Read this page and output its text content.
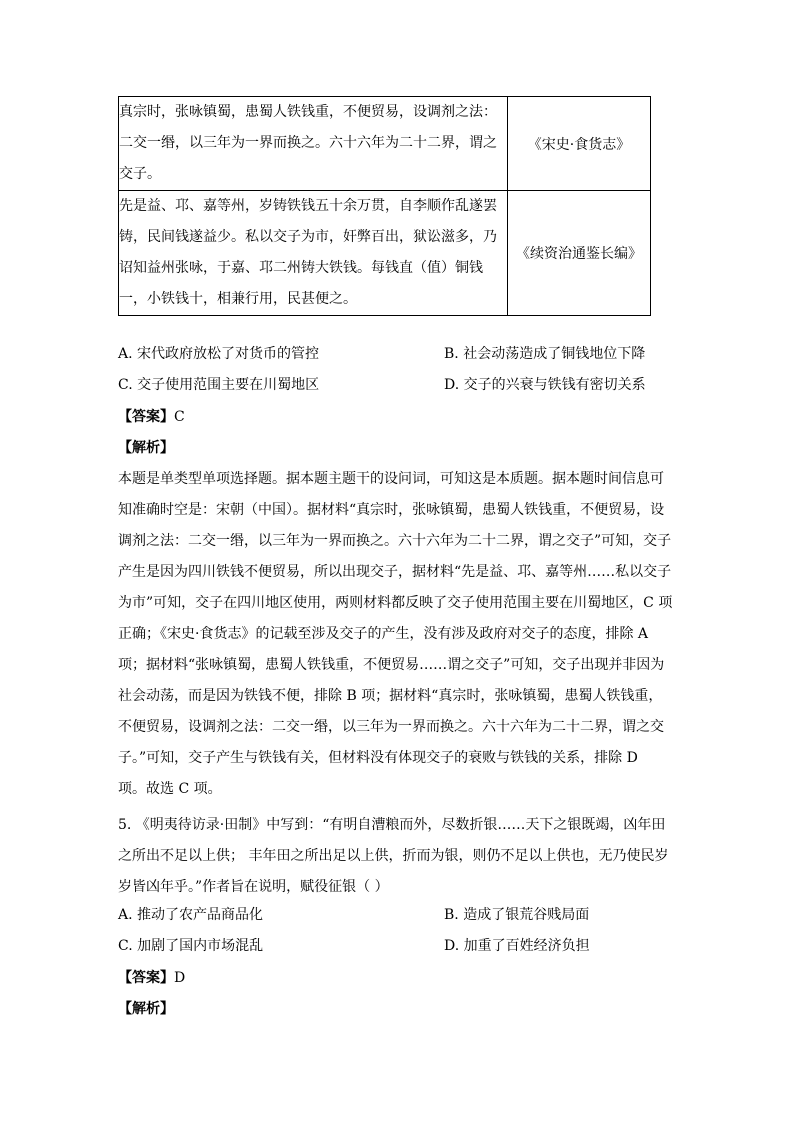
真宗时，张咏镇蜀，患蜀人铁钱重，不便贸易，设调剂之法：二交一缗，以三年为一界而换之。六十六年为二十二界，谓之交子。	《宋史·食货志》
先是益、邛、嘉等州，岁铸铁钱五十余万贯，自李顺作乱遂罢铸，民间钱遂益少。私以交子为市，奸弊百出，狱讼滋多，乃诏知益州张咏，于嘉、邛二州铸大铁钱。每钱直（值）铜钱一，小铁钱十，相兼行用，民甚便之。	《续资治通鉴长编》
A. 宋代政府放松了对货币的管控	B. 社会动荡造成了铜钱地位下降
C. 交子使用范围主要在川蜀地区	D. 交子的兴衰与铁钱有密切关系
【答案】C
【解析】
本题是单类型单项选择题。据本题主题干的设问词，可知这是本质题。据本题时间信息可
知准确时空是：宋朝（中国）。据材料“真宗时，张咏镇蜀，患蜀人铁钱重，不便贸易，设
调剂之法：二交一缗，以三年为一界而换之。六十六年为二十二界，谓之交子”可知，交子
产生是因为四川铁钱不便贸易，所以出现交子，据材料“先是益、邛、嘉等州……私以交子
为市”可知，交子在四川地区使用，两则材料都反映了交子使用范围主要在川蜀地区，C 项
正确；《宋史·食货志》的记载至涉及交子的产生，没有涉及政府对交子的态度，排除 A
项；据材料“张咏镇蜀，患蜀人铁钱重，不便贸易……谓之交子”可知，交子出现并非因为
社会动荡，而是因为铁钱不便，排除 B 项；据材料“真宗时，张咏镇蜀，患蜀人铁钱重，
不便贸易，设调剂之法：二交一缗，以三年为一界而换之。六十六年为二十二界，谓之交
子。”可知，交子产生与铁钱有关，但材料没有体现交子的衰败与铁钱的关系，排除 D
项。故选 C 项。
5. 《明夷待访录·田制》中写到：“有明自漕粮而外，尽数折银……天下之银既竭，凶年田
之所出不足以上供； 丰年田之所出足以上供，折而为银，则仍不足以上供也，无乃使民岁
岁皆凶年乎。”作者旨在说明，赋役征银（ ）
A. 推动了农产品商品化	B. 造成了银荒谷贱局面
C. 加剧了国内市场混乱	D. 加重了百姓经济负担
【答案】D
【解析】
